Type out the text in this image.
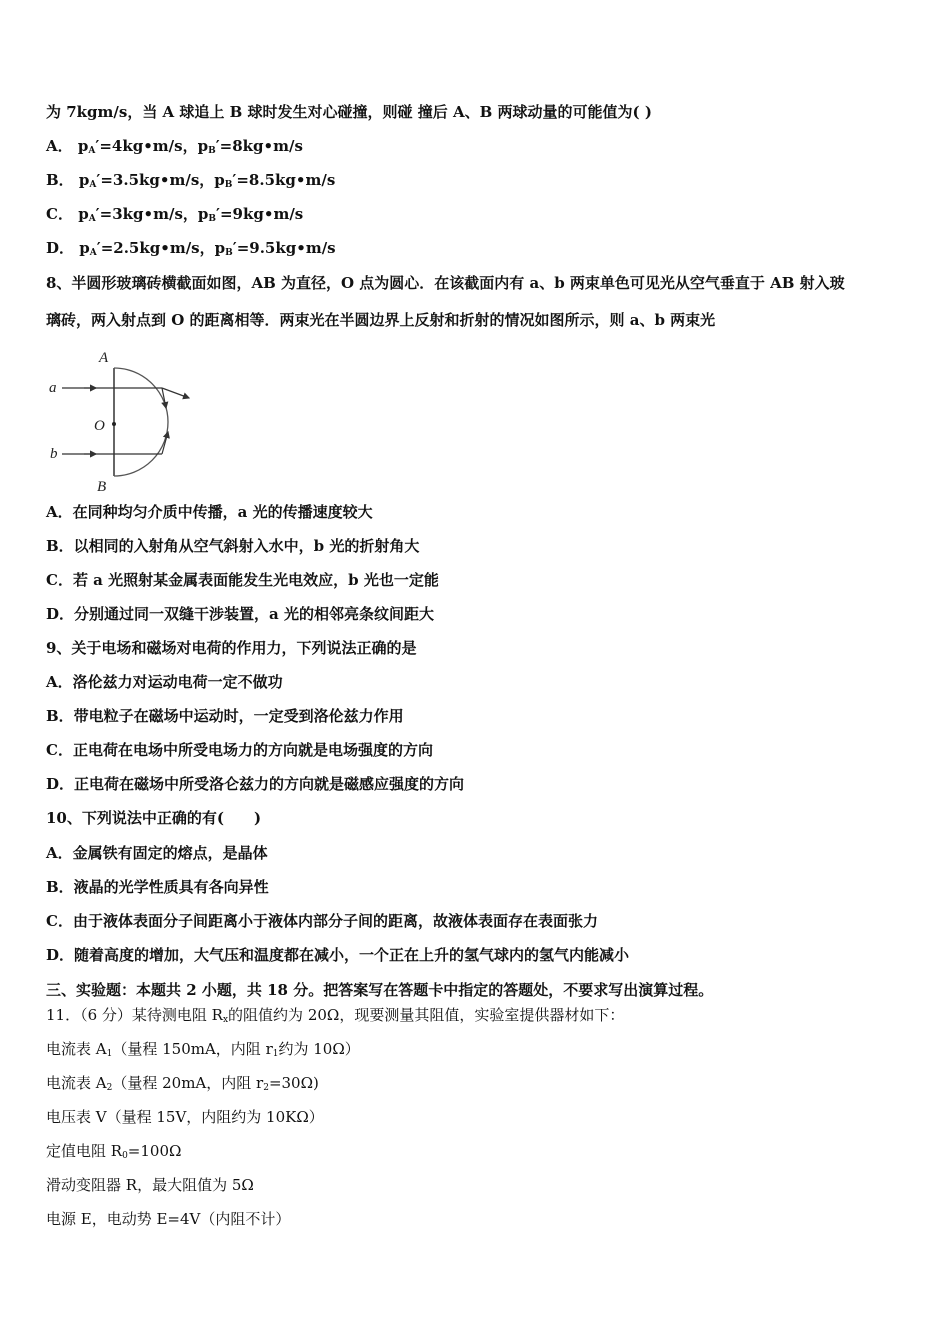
为 7kgm/s，当 A 球追上 B 球时发生对心碰撞，则碰 撞后 A、B 两球动量的可能值为( )
A． $p_A'=4kg•m/s$，$p_B'=8kg•m/s$
B． $p_A'=3.5kg•m/s$，$p_B'=8.5kg•m/s$
C． $p_A'=3kg•m/s$，$p_B'=9kg•m/s$
D． $p_A'=2.5kg•m/s$，$p_B'=9.5kg•m/s$
8、半圆形玻璃砖横截面如图，AB 为直径，O 点为圆心．在该截面内有 a、b 两束单色可见光从空气垂直于 AB 射入玻
璃砖，两入射点到 O 的距离相等．两束光在半圆边界上反射和折射的情况如图所示，则 a、b 两束光
A
B
O
a
b
A．在同种均匀介质中传播，a 光的传播速度较大
B．以相同的入射角从空气斜射入水中，b 光的折射角大
C．若 a 光照射某金属表面能发生光电效应，b 光也一定能
D．分别通过同一双缝干涉装置，a 光的相邻亮条纹间距大
9、关于电场和磁场对电荷的作用力，下列说法正确的是
A．洛伦兹力对运动电荷一定不做功
B．带电粒子在磁场中运动时，一定受到洛伦兹力作用
C．正电荷在电场中所受电场力的方向就是电场强度的方向
D．正电荷在磁场中所受洛仑兹力的方向就是磁感应强度的方向
10、下列说法中正确的有(　　)
A．金属铁有固定的熔点，是晶体
B．液晶的光学性质具有各向异性
C．由于液体表面分子间距离小于液体内部分子间的距离，故液体表面存在表面张力
D．随着高度的增加，大气压和温度都在减小，一个正在上升的氢气球内的氢气内能减小
三、实验题：本题共 2 小题，共 18 分。把答案写在答题卡中指定的答题处，不要求写出演算过程。
11．（6 分）某待测电阻 $R_x$的阻值约为 20Ω，现要测量其阻值，实验室提供器材如下：
电流表 $A_1$（量程 150mA，内阻 $r_1$约为 10Ω）
电流表 $A_2$（量程 20mA，内阻 $r_2=30\Omega$)
电压表 V（量程 15V，内阻约为 10KΩ）
定值电阻 $R_0=100\Omega$
滑动变阻器 R，最大阻值为 5Ω
电源 E，电动势 E=4V（内阻不计）
